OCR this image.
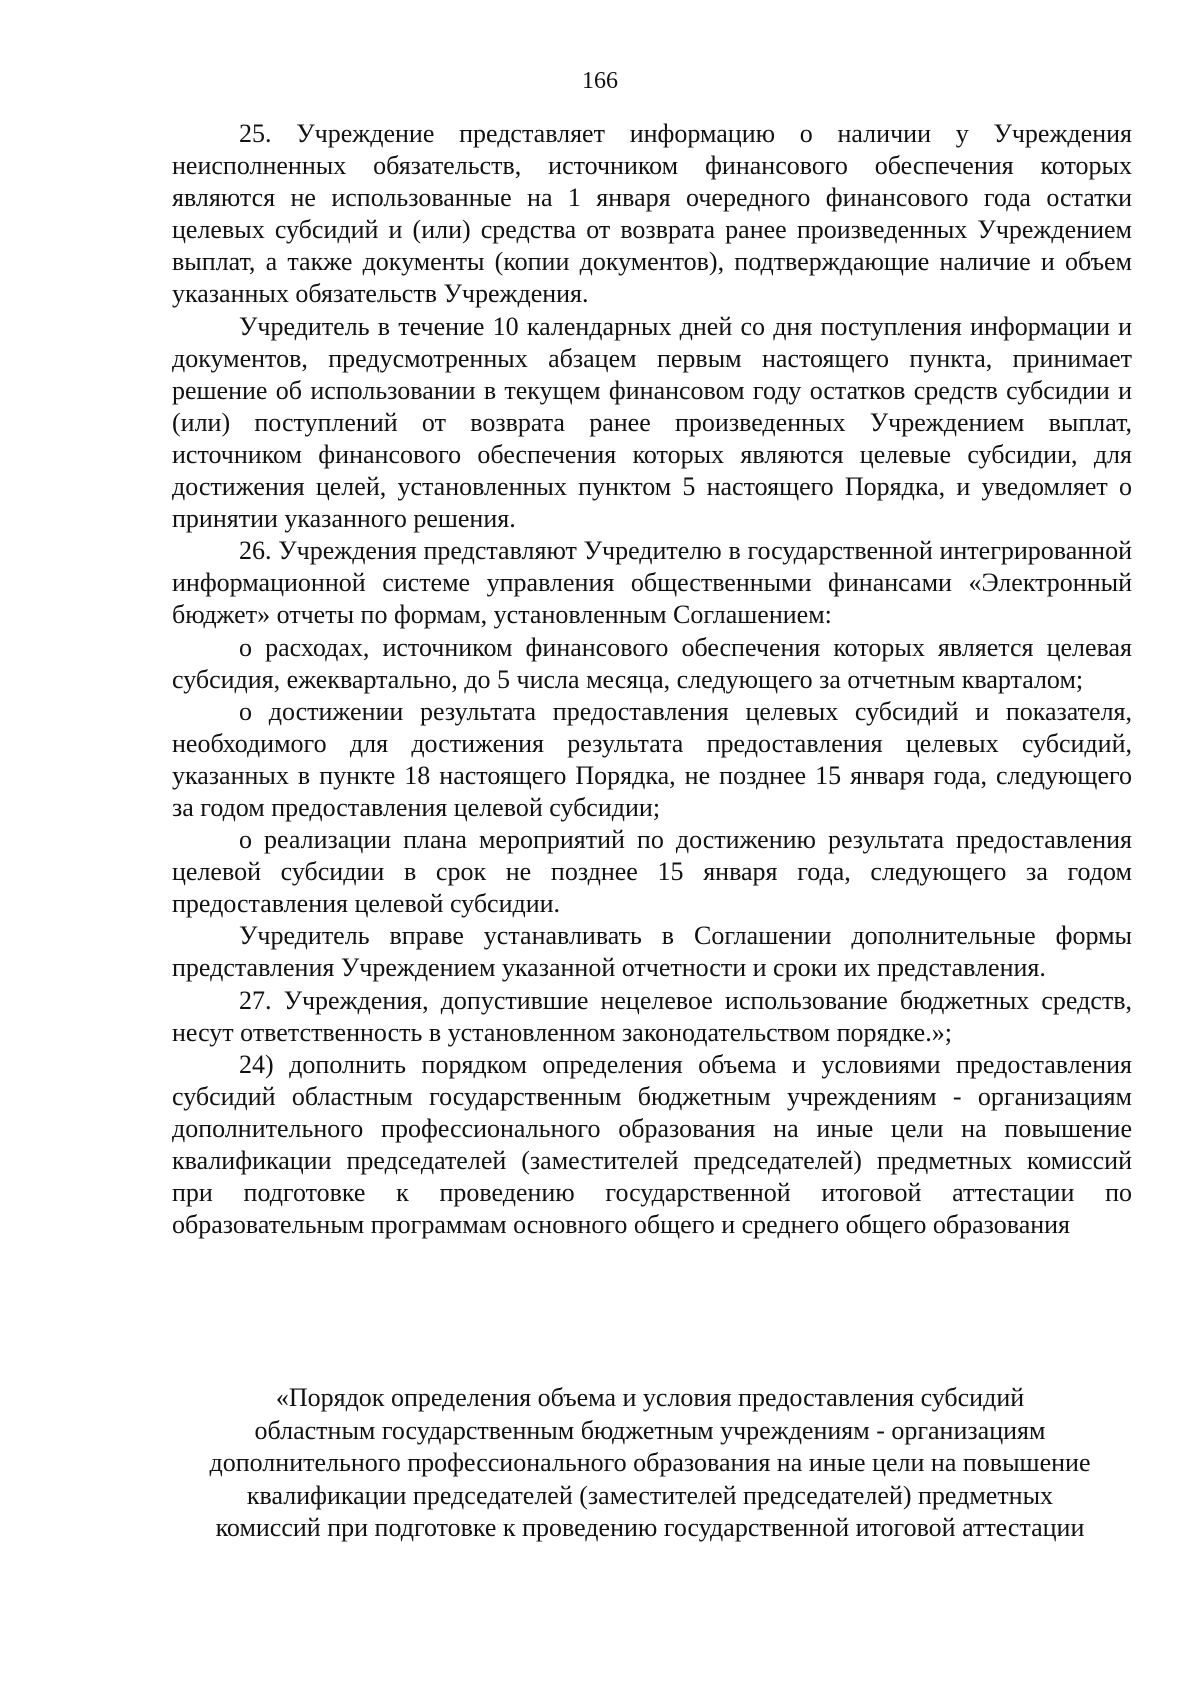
166

25. Учреждение представляет информацию о наличии у Учреждения неисполненных обязательств, источником финансового обеспечения которых являются не использованные на 1 января очередного финансового года остатки целевых субсидий и (или) средства от возврата ранее произведенных Учреждением выплат, а также документы (копии документов), подтверждающие наличие и объем указанных обязательств Учреждения.

Учредитель в течение 10 календарных дней со дня поступления информации и документов, предусмотренных абзацем первым настоящего пункта, принимает решение об использовании в текущем финансовом году остатков средств субсидии и (или) поступлений от возврата ранее произведенных Учреждением выплат, источником финансового обеспечения которых являются целевые субсидии, для достижения целей, установленных пунктом 5 настоящего Порядка, и уведомляет о принятии указанного решения.

26. Учреждения представляют Учредителю в государственной интегрированной информационной системе управления общественными финансами «Электронный бюджет» отчеты по формам, установленным Соглашением:

о расходах, источником финансового обеспечения которых является целевая субсидия, ежеквартально, до 5 числа месяца, следующего за отчетным кварталом;

о достижении результата предоставления целевых субсидий и показателя, необходимого для достижения результата предоставления целевых субсидий, указанных в пункте 18 настоящего Порядка, не позднее 15 января года, следующего за годом предоставления целевой субсидии;

о реализации плана мероприятий по достижению результата предоставления целевой субсидии в срок не позднее 15 января года, следующего за годом предоставления целевой субсидии.

Учредитель вправе устанавливать в Соглашении дополнительные формы представления Учреждением указанной отчетности и сроки их представления.

27. Учреждения, допустившие нецелевое использование бюджетных средств, несут ответственность в установленном законодательством порядке.»;

24) дополнить порядком определения объема и условиями предоставления субсидий областным государственным бюджетным учреждениям - организациям дополнительного профессионального образования на иные цели на повышение квалификации председателей (заместителей председателей) предметных комиссий при подготовке к проведению государственной итоговой аттестации по образовательным программам основного общего и среднего общего образования

«Порядок определения объема и условия предоставления субсидий
областным государственным бюджетным учреждениям - организациям
дополнительного профессионального образования на иные цели на повышение
квалификации председателей (заместителей председателей) предметных
комиссий при подготовке к проведению государственной итоговой аттестации
